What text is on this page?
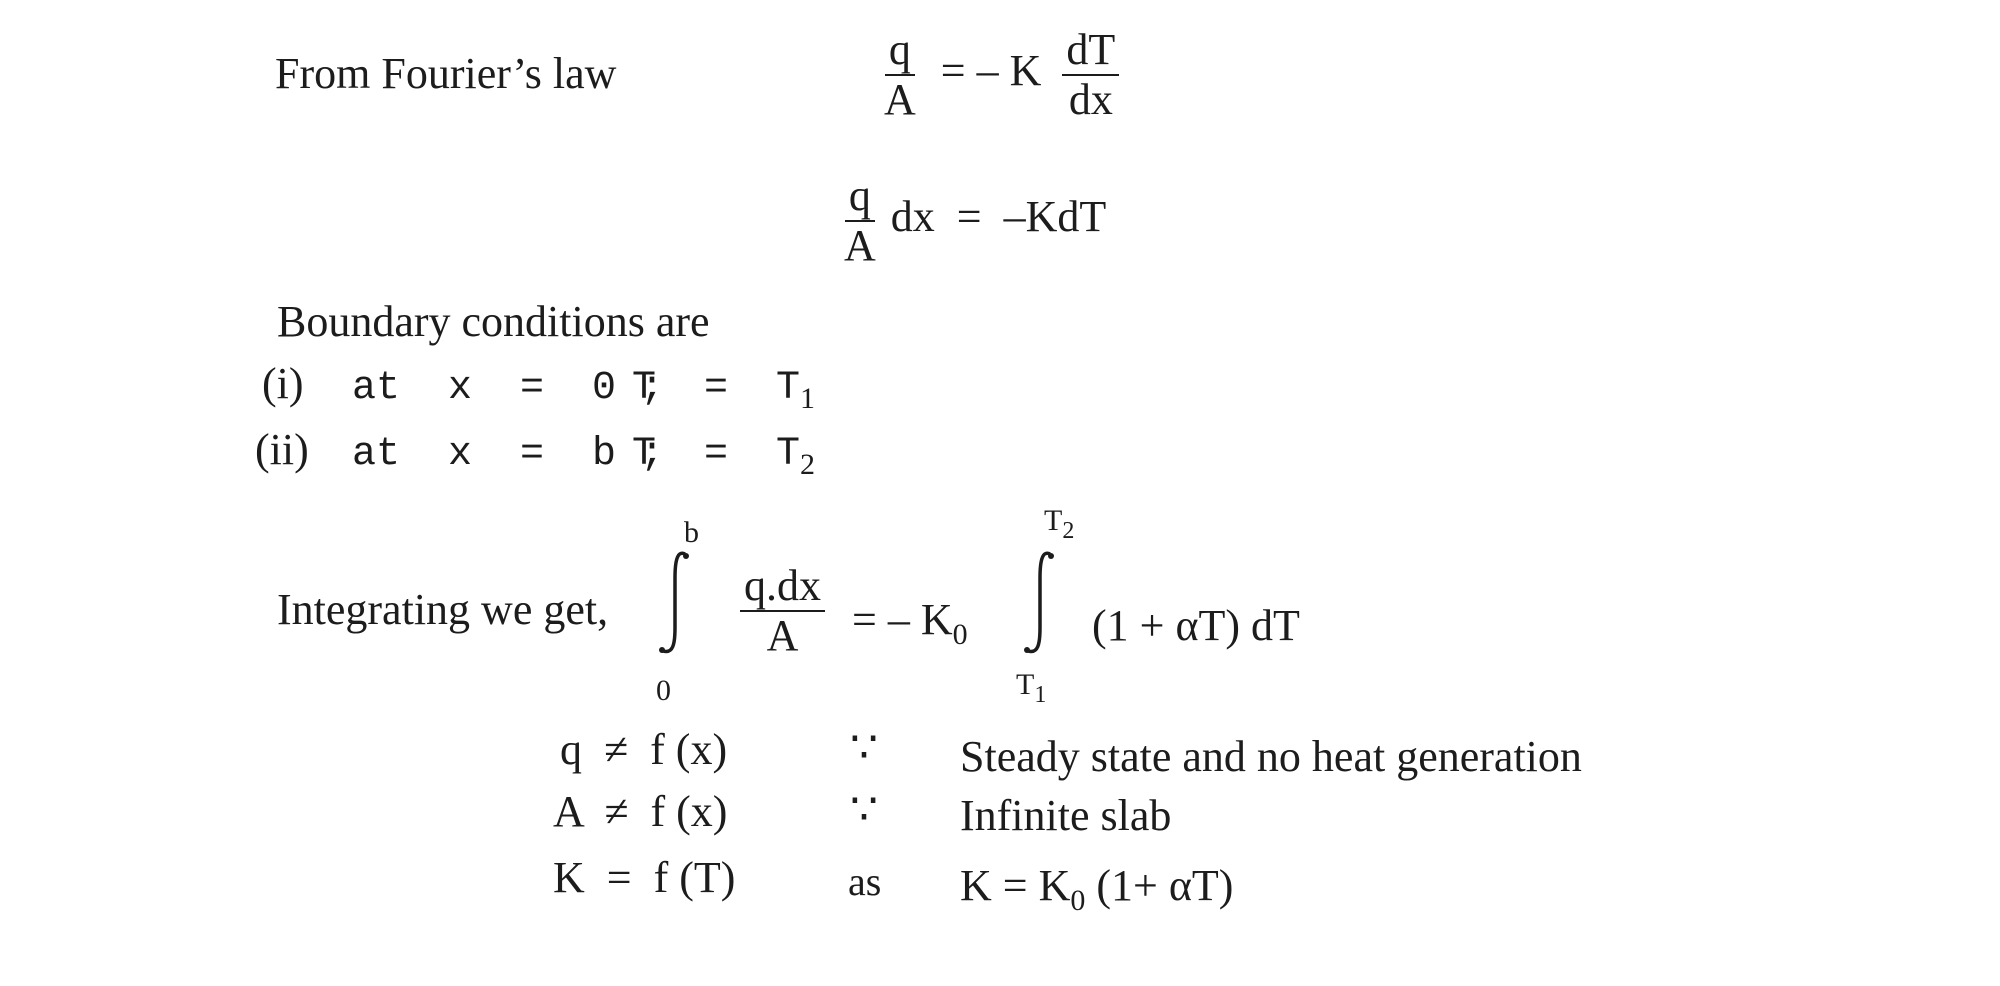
From Fourier’s law	$\frac{q}{A}$ = – K $\frac{dT}{dx}$
$\frac{q}{A}$ dx  =  –KdT
Boundary conditions are
(i) at  x  =  0 ;T  =  $T_1$
(ii) at  x  =  b ;T  =  $T_2$
Integrating we get,
b
0
$\frac{q.dx}{A}$ = – $K_0$
$T_2$
$T_1$
(1 + αT) dT
q  ≠  f (x)	∵ Steady state and no heat generation
A  ≠  f (x)	∵ Infinite slab
K  =  f (T)	as $K = K_0$ (1+ αT)
